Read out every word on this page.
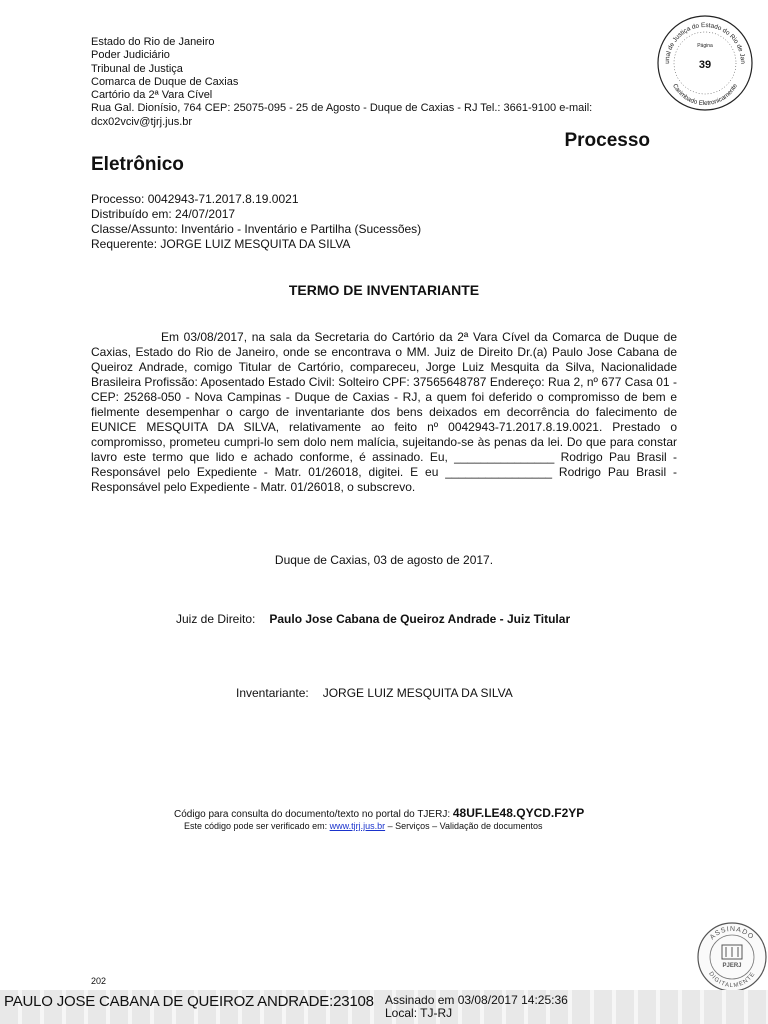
Estado do Rio de Janeiro
Poder Judiciário
Tribunal de Justiça
Comarca de Duque de Caxias
Cartório da 2ª Vara Cível
Rua Gal. Dionísio, 764 CEP: 25075-095 - 25 de Agosto - Duque de Caxias - RJ Tel.: 3661-9100 e-mail:
dcx02vciv@tjrj.jus.br
unal de Justiça do Estado do Rio de Jan
Carimbado Eletronicamente
Página
39
Processo
Eletrônico
Processo: 0042943-71.2017.8.19.0021
Distribuído em: 24/07/2017
Classe/Assunto: Inventário - Inventário e Partilha (Sucessões)
Requerente: JORGE LUIZ MESQUITA DA SILVA
TERMO DE INVENTARIANTE

Em 03/08/2017, na sala da Secretaria do Cartório da 2ª Vara Cível da Comarca de Duque de Caxias, Estado do Rio de Janeiro, onde se encontrava o MM. Juiz de Direito Dr.(a) Paulo Jose Cabana de Queiroz Andrade, comigo Titular de Cartório, compareceu, Jorge Luiz Mesquita da Silva, Nacionalidade Brasileira Profissão: Aposentado Estado Civil: Solteiro CPF: 37565648787 Endereço: Rua 2, nº 677 Casa 01 - CEP: 25268-050 - Nova Campinas - Duque de Caxias - RJ, a quem foi deferido o compromisso de bem e fielmente desempenhar o cargo de inventariante dos bens deixados em decorrência do falecimento de EUNICE MESQUITA DA SILVA, relativamente ao feito nº 0042943-71.2017.8.19.0021. Prestado o compromisso, prometeu cumpri-lo sem dolo nem malícia, sujeitando-se às penas da lei. Do que para constar lavro este termo que lido e achado conforme, é assinado. Eu, _______________ Rodrigo Pau Brasil - Responsável pelo Expediente - Matr. 01/26018, digitei. E eu ________________ Rodrigo Pau Brasil - Responsável pelo Expediente - Matr. 01/26018, o subscrevo.

Duque de Caxias, 03 de agosto de 2017.
Juiz de Direito: Paulo Jose Cabana de Queiroz Andrade - Juiz Titular
Inventariante: JORGE LUIZ MESQUITA DA SILVA
Código para consulta do documento/texto no portal do TJERJ: 48UF.LE48.QYCD.F2YP
Este código pode ser verificado em: www.tjrj.jus.br – Serviços – Validação de documentos
202
ASSINADO
DIGITALMENTE
PJERJ
PAULO JOSE CABANA DE QUEIROZ ANDRADE:23108 Assinado em 03/08/2017 14:25:36
Local: TJ-RJ
